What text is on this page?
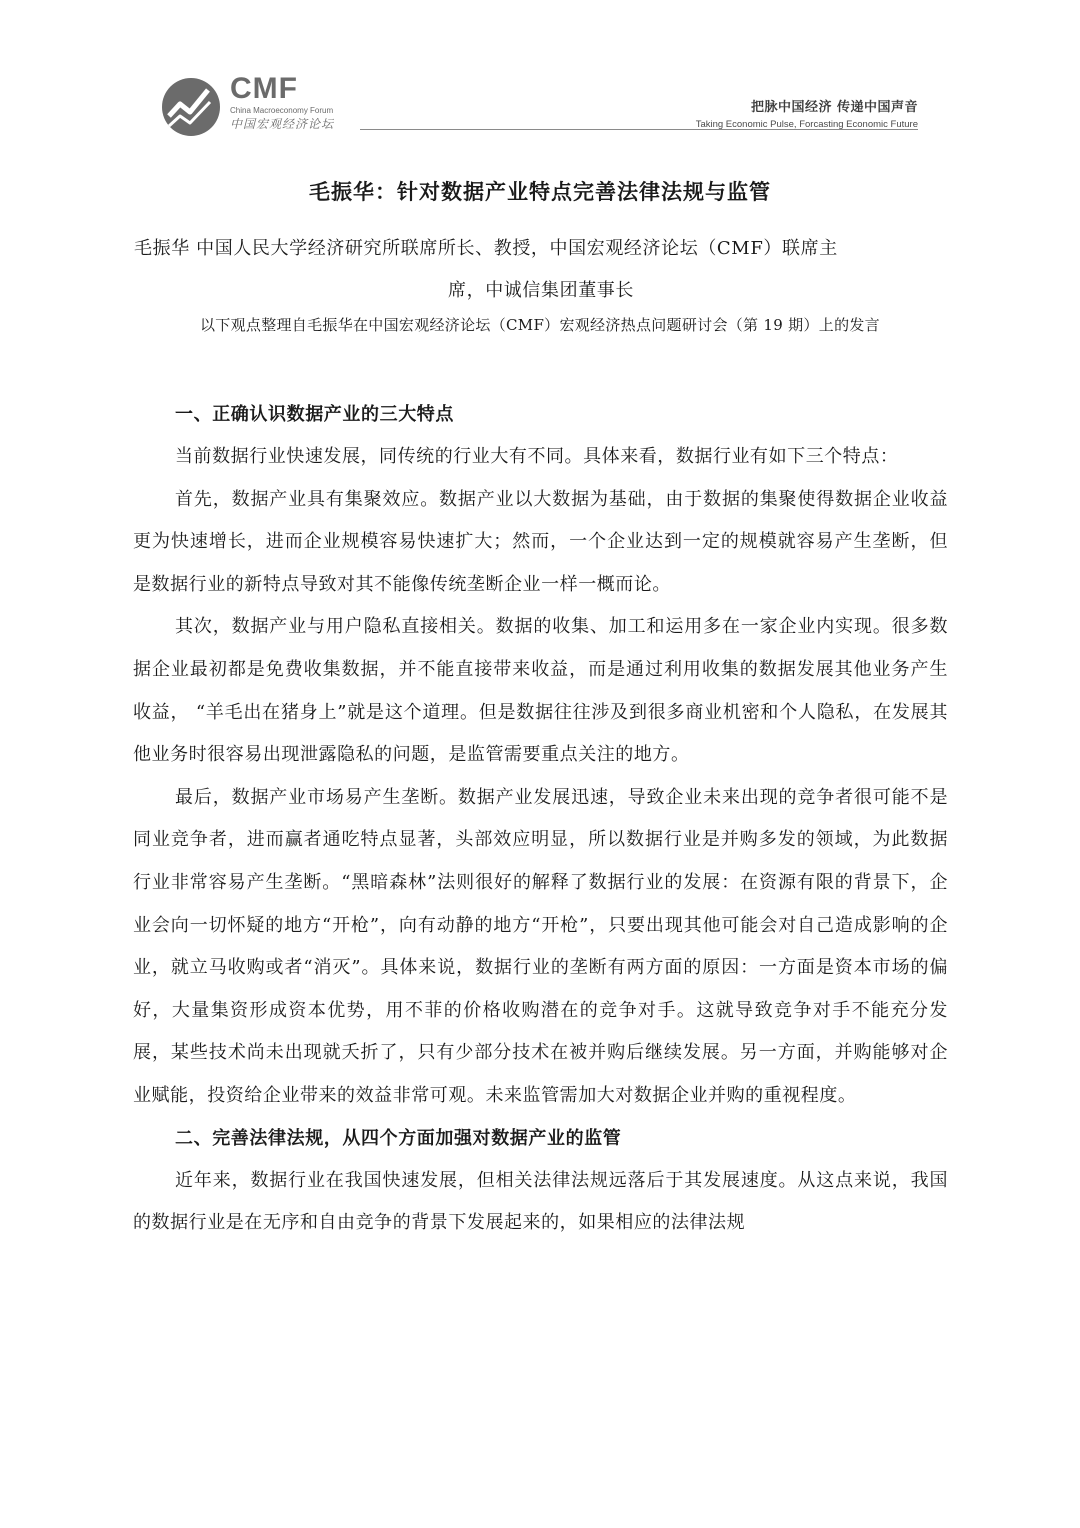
CMF
China Macroeconomy Forum
中国宏观经济论坛
把脉中国经济 传递中国声音
Taking Economic Pulse, Forcasting Economic Future
毛振华：针对数据产业特点完善法律法规与监管
毛振华 中国人民大学经济研究所联席所长、教授，中国宏观经济论坛（CMF）联席主
席，中诚信集团董事长
以下观点整理自毛振华在中国宏观经济论坛（CMF）宏观经济热点问题研讨会（第 19 期）上的发言
一、正确认识数据产业的三大特点

当前数据行业快速发展，同传统的行业大有不同。具体来看，数据行业有如下三个特点：

首先，数据产业具有集聚效应。数据产业以大数据为基础，由于数据的集聚使得数据企业收益更为快速增长，进而企业规模容易快速扩大；然而，一个企业达到一定的规模就容易产生垄断，但是数据行业的新特点导致对其不能像传统垄断企业一样一概而论。

其次，数据产业与用户隐私直接相关。数据的收集、加工和运用多在一家企业内实现。很多数据企业最初都是免费收集数据，并不能直接带来收益，而是通过利用收集的数据发展其他业务产生收益， “羊毛出在猪身上”就是这个道理。但是数据往往涉及到很多商业机密和个人隐私，在发展其他业务时很容易出现泄露隐私的问题，是监管需要重点关注的地方。

最后，数据产业市场易产生垄断。数据产业发展迅速，导致企业未来出现的竞争者很可能不是同业竞争者，进而赢者通吃特点显著，头部效应明显，所以数据行业是并购多发的领域，为此数据行业非常容易产生垄断。“黑暗森林”法则很好的解释了数据行业的发展：在资源有限的背景下，企业会向一切怀疑的地方“开枪”，向有动静的地方“开枪”，只要出现其他可能会对自己造成影响的企业，就立马收购或者“消灭”。具体来说，数据行业的垄断有两方面的原因：一方面是资本市场的偏好，大量集资形成资本优势，用不菲的价格收购潜在的竞争对手。这就导致竞争对手不能充分发展，某些技术尚未出现就夭折了，只有少部分技术在被并购后继续发展。另一方面，并购能够对企业赋能，投资给企业带来的效益非常可观。未来监管需加大对数据企业并购的重视程度。

二、完善法律法规，从四个方面加强对数据产业的监管

近年来，数据行业在我国快速发展，但相关法律法规远落后于其发展速度。从这点来说，我国的数据行业是在无序和自由竞争的背景下发展起来的，如果相应的法律法规
